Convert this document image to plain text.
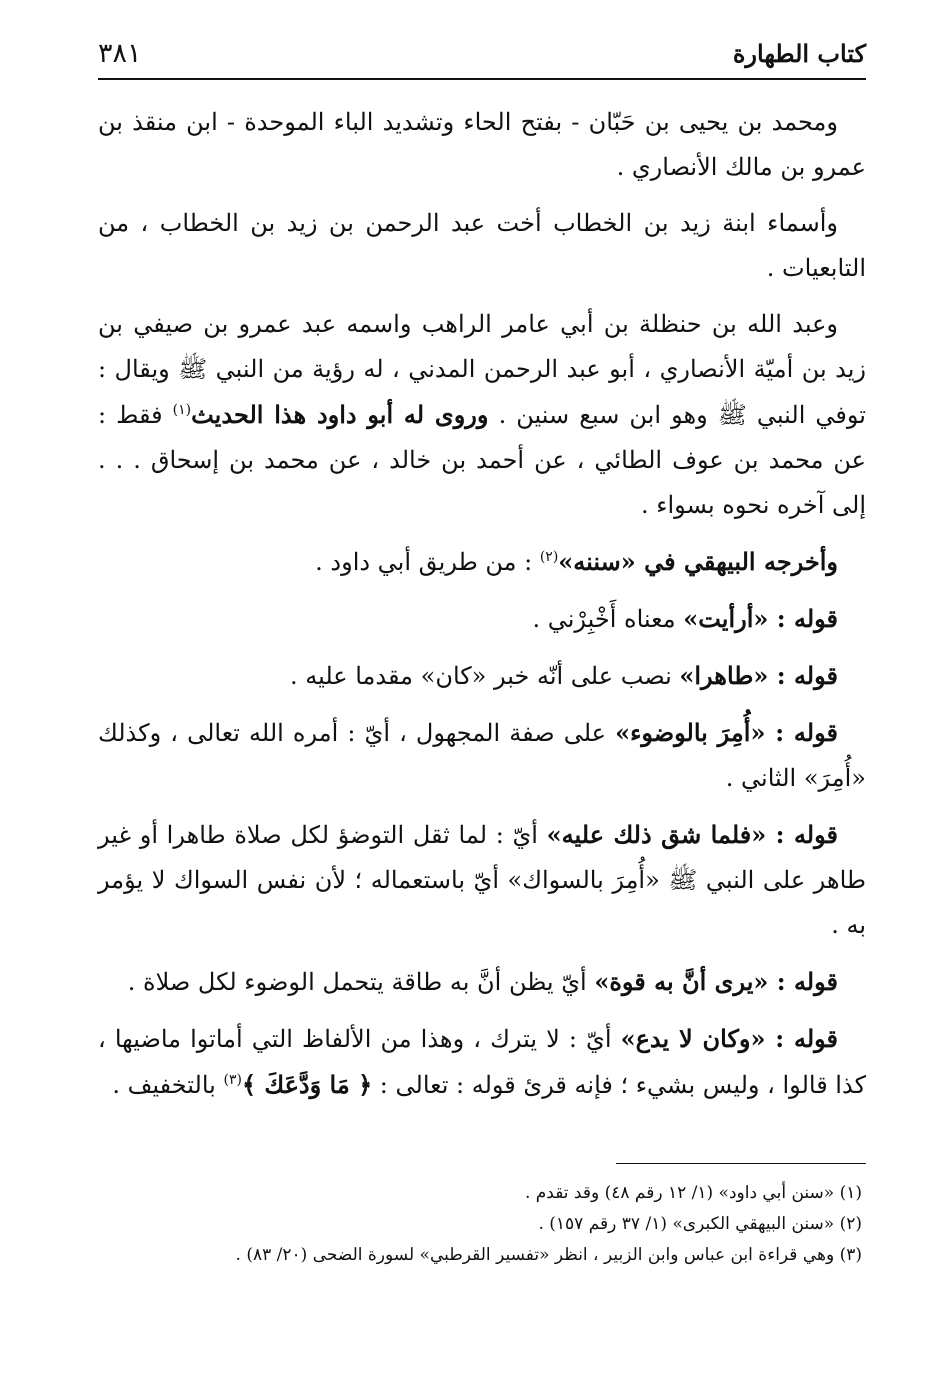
كتاب الطهارة
٣٨١

ومحمد بن يحيى بن حَبّان - بفتح الحاء وتشديد الباء الموحدة - ابن منقذ بن عمرو بن مالك الأنصاري .

وأسماء ابنة زيد بن الخطاب أخت عبد الرحمن بن زيد بن الخطاب ، من التابعيات .

وعبد الله بن حنظلة بن أبي عامر الراهب واسمه عبد عمرو بن صيفي بن زيد بن أميّة الأنصاري ، أبو عبد الرحمن المدني ، له رؤية من النبي ﷺ ويقال : توفي النبي ﷺ وهو ابن سبع سنين . وروى له أبو داود هذا الحديث$^{(١)}$ فقط : عن محمد بن عوف الطائي ، عن أحمد بن خالد ، عن محمد بن إسحاق . . . إلى آخره نحوه بسواء .

وأخرجه البيهقي في «سننه»$^{(٢)}$ : من طريق أبي داود .

قوله : «أرأيت» معناه أَخْبِرْني .

قوله : «طاهرا» نصب على أنّه خبر «كان» مقدما عليه .

قوله : «أُمِرَ بالوضوء» على صفة المجهول ، أيّ : أمره الله تعالى ، وكذلك «أُمِرَ» الثاني .

قوله : «فلما شق ذلك عليه» أيّ : لما ثقل التوضؤ لكل صلاة طاهرا أو غير طاهر على النبي ﷺ «أُمِرَ بالسواك» أيّ باستعماله ؛ لأن نفس السواك لا يؤمر به .

قوله : «يرى أنَّ به قوة» أيّ يظن أنَّ به طاقة يتحمل الوضوء لكل صلاة .

قوله : «وكان لا يدع» أيّ : لا يترك ، وهذا من الألفاظ التي أماتوا ماضيها ، كذا قالوا ، وليس بشيء ؛ فإنه قرئ قوله : تعالى : ﴿ مَا وَدَّعَكَ ﴾$^{(٣)}$ بالتخفيف .

(١) «سنن أبي داود» (١/ ١٢ رقم ٤٨) وقد تقدم .
(٢) «سنن البيهقي الكبرى» (١/ ٣٧ رقم ١٥٧) .
(٣) وهي قراءة ابن عباس وابن الزبير ، انظر «تفسير القرطبي» لسورة الضحى (٢٠/ ٨٣) .
